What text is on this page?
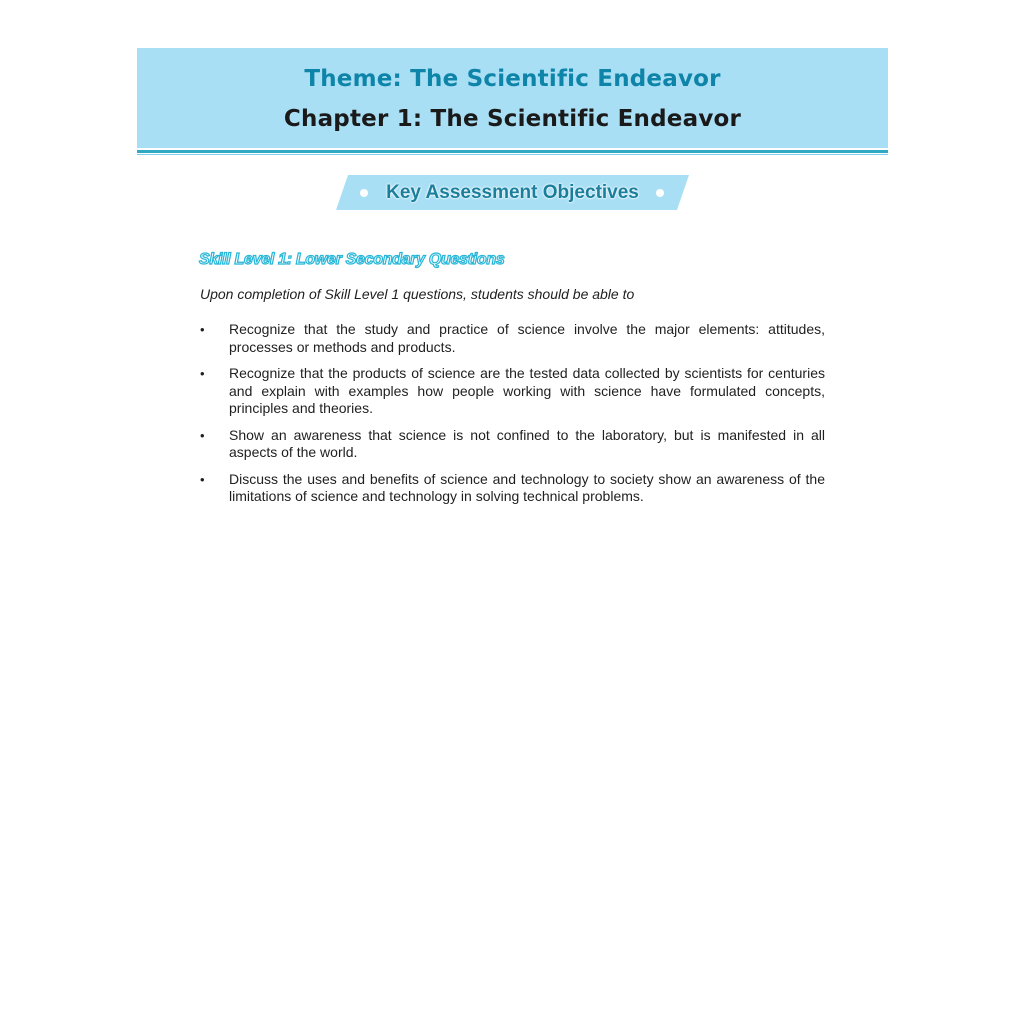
Theme: The Scientific Endeavor
Chapter 1: The Scientific Endeavor
Key Assessment Objectives
Skill Level 1: Lower Secondary Questions

Upon completion of Skill Level 1 questions, students should be able to

• Recognize that the study and practice of science involve the major elements: attitudes, processes or methods and products.
• Recognize that the products of science are the tested data collected by scientists for centuries and explain with examples how people working with science have formulated concepts, principles and theories.
• Show an awareness that science is not confined to the laboratory, but is manifested in all aspects of the world.
• Discuss the uses and benefits of science and technology to society show an awareness of the limitations of science and technology in solving technical problems.
